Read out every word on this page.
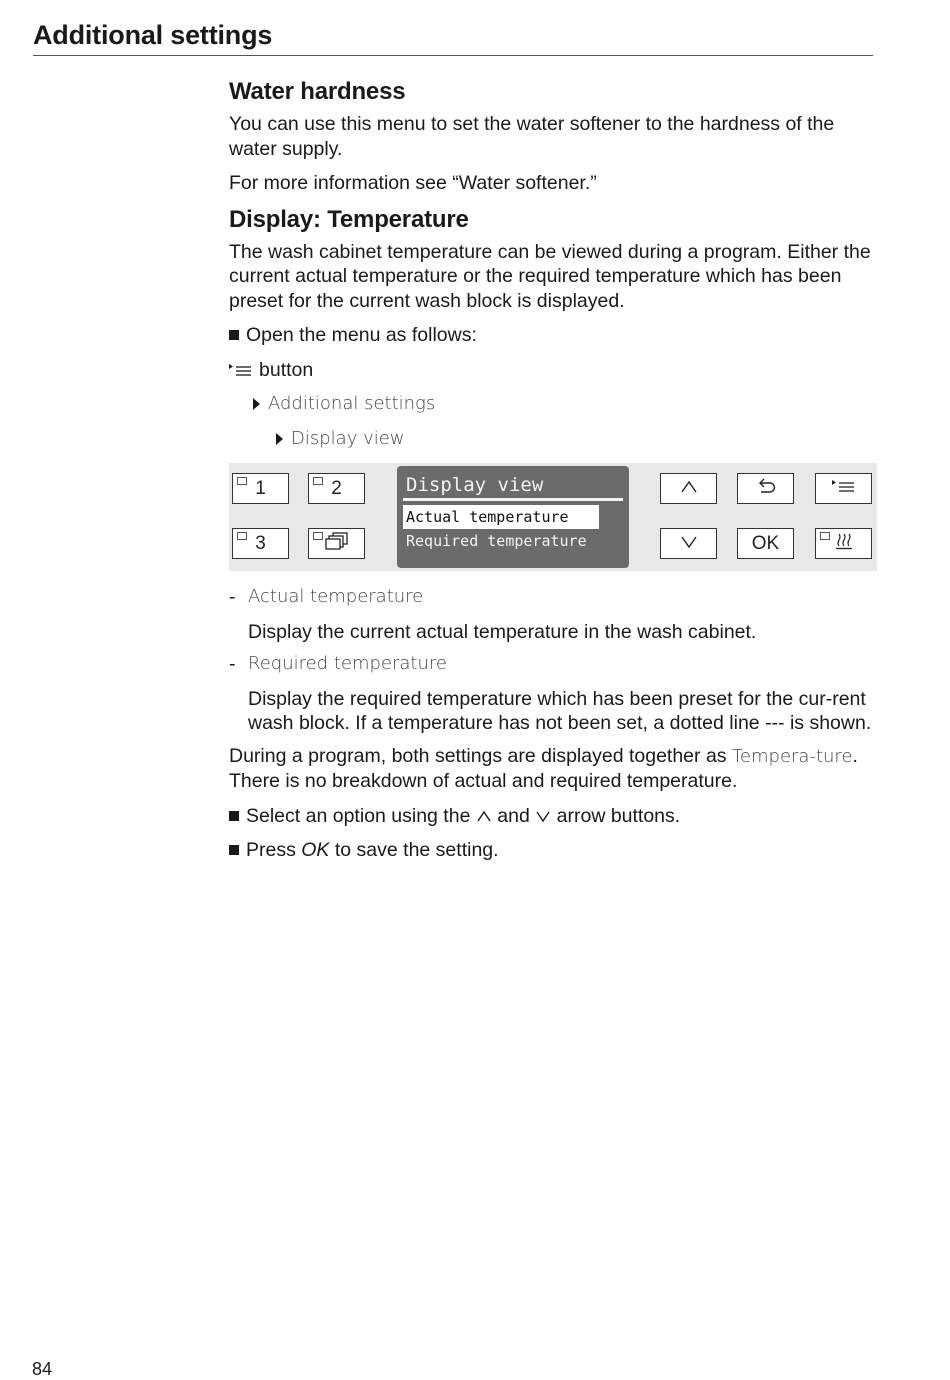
Additional settings
Water hardness

You can use this menu to set the water softener to the hardness of the water supply.

For more information see “Water softener.”

Display: Temperature

The wash cabinet temperature can be viewed during a program. Either the current actual temperature or the required temperature which has been preset for the current wash block is displayed.

Open the menu as follows:
button
Additional settings
Display view
1	2
3
Display view
Actual temperature
Required temperature	OK
- Actual temperature
Display the current actual temperature in the wash cabinet.
- Required temperature
Display the required temperature which has been preset for the cur-rent wash block. If a temperature has not been set, a dotted line --- is shown.

During a program, both settings are displayed together as Tempera-ture. There is no breakdown of actual and required temperature.

Select an option using the  and  arrow buttons.
Press OK to save the setting.
84
